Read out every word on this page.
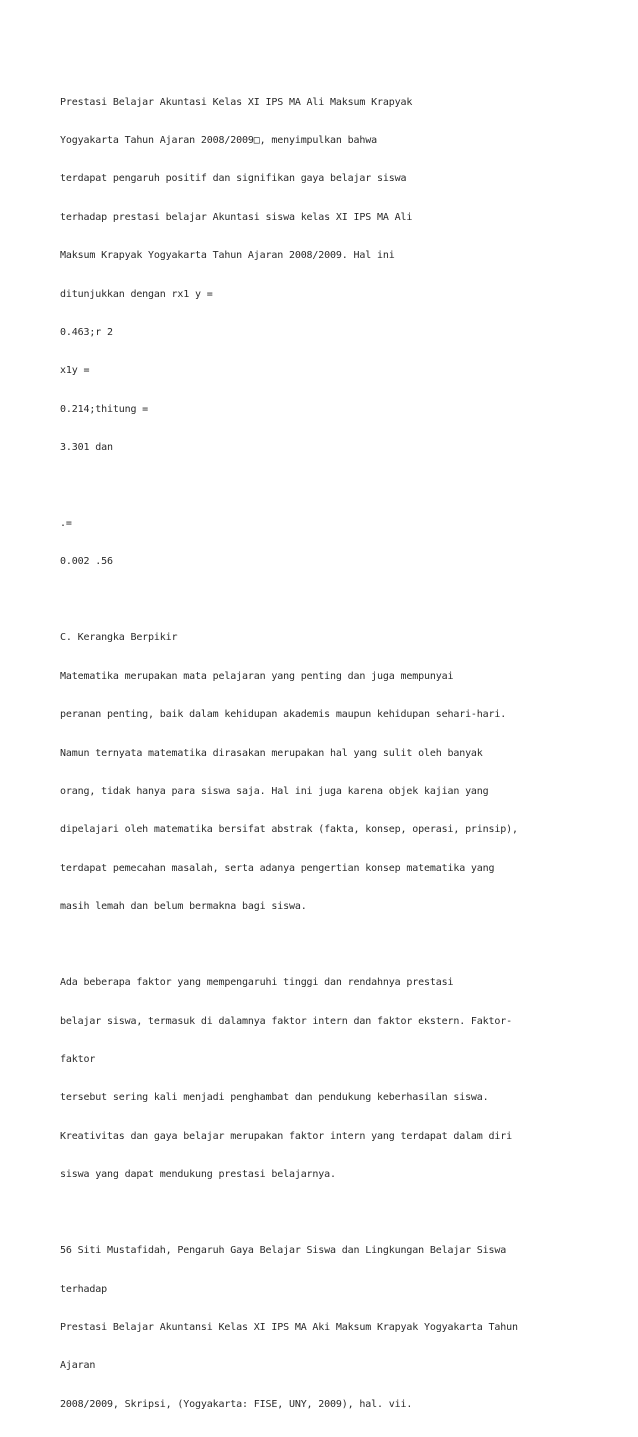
Prestasi Belajar Akuntasi Kelas XI IPS MA Ali Maksum Krapyak

Yogyakarta Tahun Ajaran 2008/2009□, menyimpulkan bahwa

terdapat pengaruh positif dan signifikan gaya belajar siswa

terhadap prestasi belajar Akuntasi siswa kelas XI IPS MA Ali

Maksum Krapyak Yogyakarta Tahun Ajaran 2008/2009. Hal ini

ditunjukkan dengan rx1 y =

0.463;r 2

x1y =

0.214;thitung =

3.301 dan

.=

0.002 .56

C. Kerangka Berpikir

Matematika merupakan mata pelajaran yang penting dan juga mempunyai

peranan penting, baik dalam kehidupan akademis maupun kehidupan sehari-hari.

Namun ternyata matematika dirasakan merupakan hal yang sulit oleh banyak

orang, tidak hanya para siswa saja. Hal ini juga karena objek kajian yang

dipelajari oleh matematika bersifat abstrak (fakta, konsep, operasi, prinsip),

terdapat pemecahan masalah, serta adanya pengertian konsep matematika yang

masih lemah dan belum bermakna bagi siswa.

Ada beberapa faktor yang mempengaruhi tinggi dan rendahnya prestasi

belajar siswa, termasuk di dalamnya faktor intern dan faktor ekstern. Faktor-

faktor

tersebut sering kali menjadi penghambat dan pendukung keberhasilan siswa.

Kreativitas dan gaya belajar merupakan faktor intern yang terdapat dalam diri

siswa yang dapat mendukung prestasi belajarnya.

56 Siti Mustafidah, Pengaruh Gaya Belajar Siswa dan Lingkungan Belajar Siswa

terhadap

Prestasi Belajar Akuntansi Kelas XI IPS MA Aki Maksum Krapyak Yogyakarta Tahun

Ajaran

2008/2009, Skripsi, (Yogyakarta: FISE, UNY, 2009), hal. vii.
